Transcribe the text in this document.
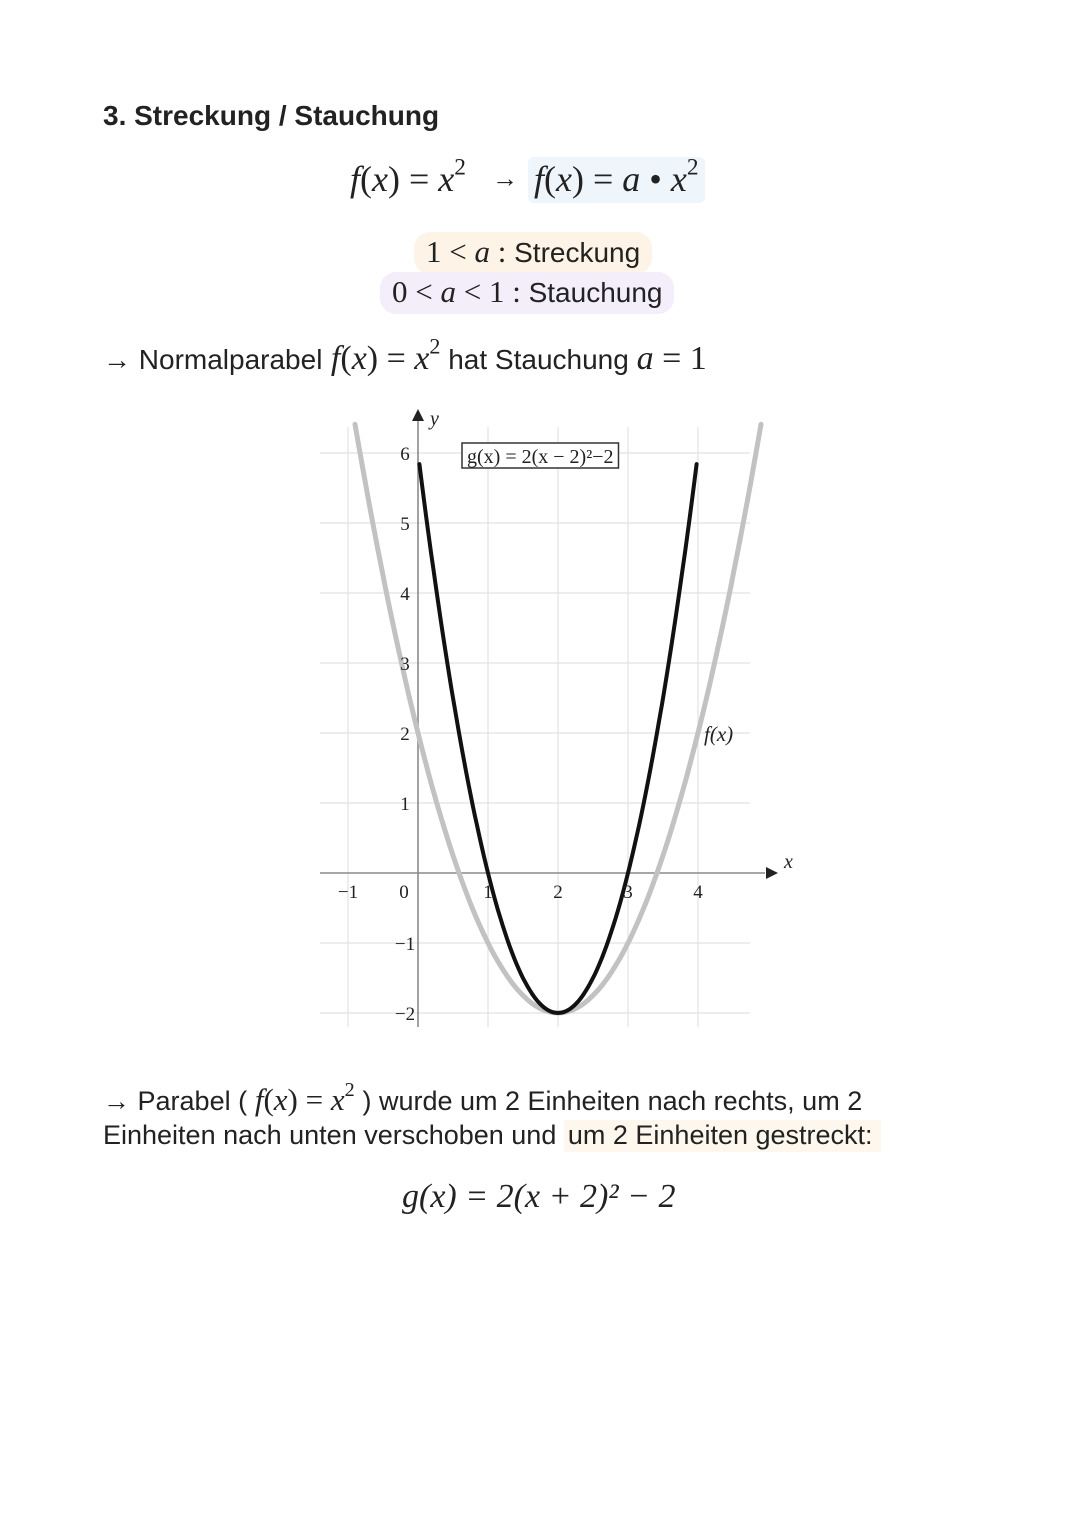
3. Streckung / Stauchung
$f(x) = x^2 \to f(x) = a$ • $x^2$
1 < a : Streckung
0 < a < 1 : Stauchung
→ Normalparabel $f(x) = x^2$ hat Stauchung a = 1
−1 0	1	2	3	4
−2
−1
1
2
3
4
5
6
y
x
g(x) = 2(x − 2)²−2
f(x)
→ Parabel ( $f(x) = x^2$ ) wurde um 2 Einheiten nach rechts, um 2 Einheiten nach unten verschoben und um 2 Einheiten gestreckt:
g(x) = 2(x + 2)² − 2
